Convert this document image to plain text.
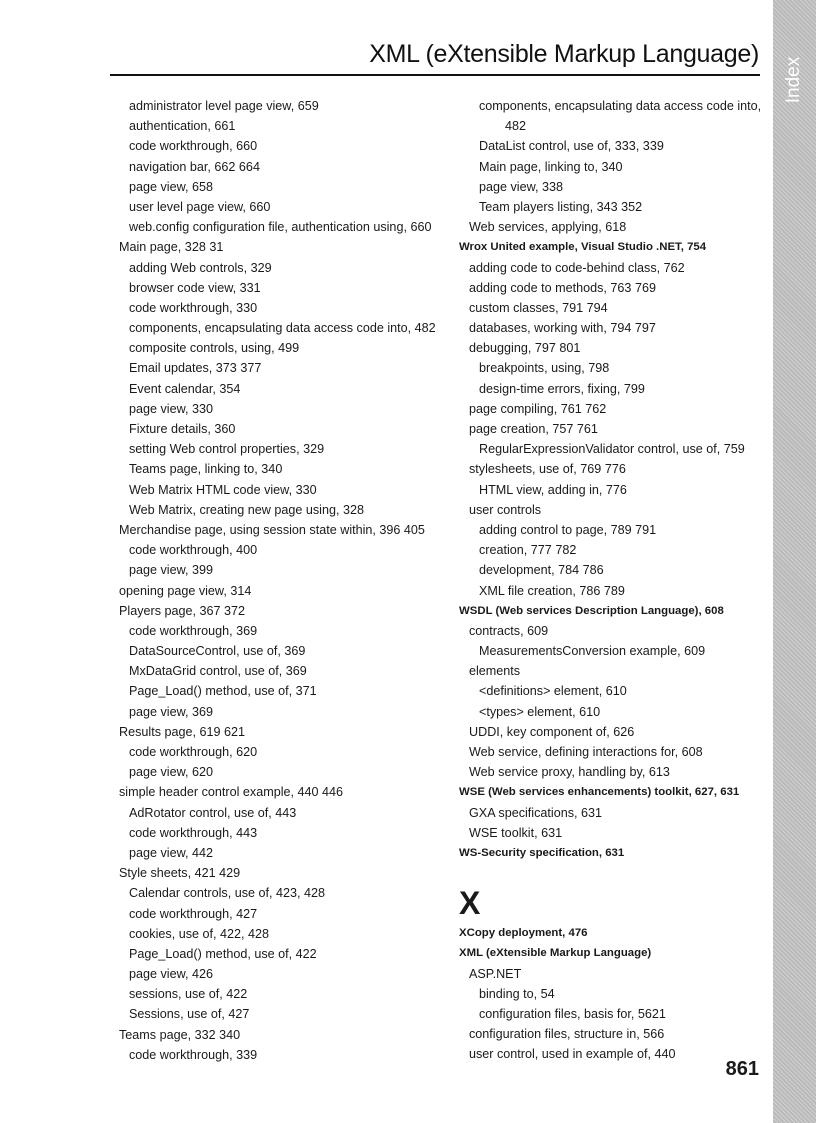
XML (eXtensible Markup Language)
Index
administrator level page view, 659
authentication, 661
code workthrough, 660
navigation bar, 662 664
page view, 658
user level page view, 660
web.config configuration file, authentication using, 660
Main page, 328 31
adding Web controls, 329
browser code view, 331
code workthrough, 330
components, encapsulating data access code into, 482
composite controls, using, 499
Email updates, 373 377
Event calendar, 354
page view, 330
Fixture details, 360
setting Web control properties, 329
Teams page, linking to, 340
Web Matrix HTML code view, 330
Web Matrix, creating new page using, 328
Merchandise page, using session state within, 396 405
code workthrough, 400
page view, 399
opening page view, 314
Players page, 367 372
code workthrough, 369
DataSourceControl, use of, 369
MxDataGrid control, use of, 369
Page_Load() method, use of, 371
page view, 369
Results page, 619 621
code workthrough, 620
page view, 620
simple header control example, 440 446
AdRotator control, use of, 443
code workthrough, 443
page view, 442
Style sheets, 421 429
Calendar controls, use of, 423, 428
code workthrough, 427
cookies, use of, 422, 428
Page_Load() method, use of, 422
page view, 426
sessions, use of, 422
Sessions, use of, 427
Teams page, 332 340
code workthrough, 339
components, encapsulating data access code into,
482
DataList control, use of, 333, 339
Main page, linking to, 340
page view, 338
Team players listing, 343 352
Web services, applying, 618
Wrox United example, Visual Studio .NET, 754
adding code to code-behind class, 762
adding code to methods, 763 769
custom classes, 791 794
databases, working with, 794 797
debugging, 797 801
breakpoints, using, 798
design-time errors, fixing, 799
page compiling, 761 762
page creation, 757 761
RegularExpressionValidator control, use of, 759
stylesheets, use of, 769 776
HTML view, adding in, 776
user controls
adding control to page, 789 791
creation, 777 782
development, 784 786
XML file creation, 786 789
WSDL (Web services Description Language), 608
contracts, 609
MeasurementsConversion example, 609
elements
<definitions> element, 610
<types> element, 610
UDDI, key component of, 626
Web service, defining interactions for, 608
Web service proxy, handling by, 613
WSE (Web services enhancements) toolkit, 627, 631
GXA specifications, 631
WSE toolkit, 631
WS-Security specification, 631
X
XCopy deployment, 476
XML (eXtensible Markup Language)
ASP.NET
binding to, 54
configuration files, basis for, 5621
configuration files, structure in, 566
user control, used in example of, 440
861
